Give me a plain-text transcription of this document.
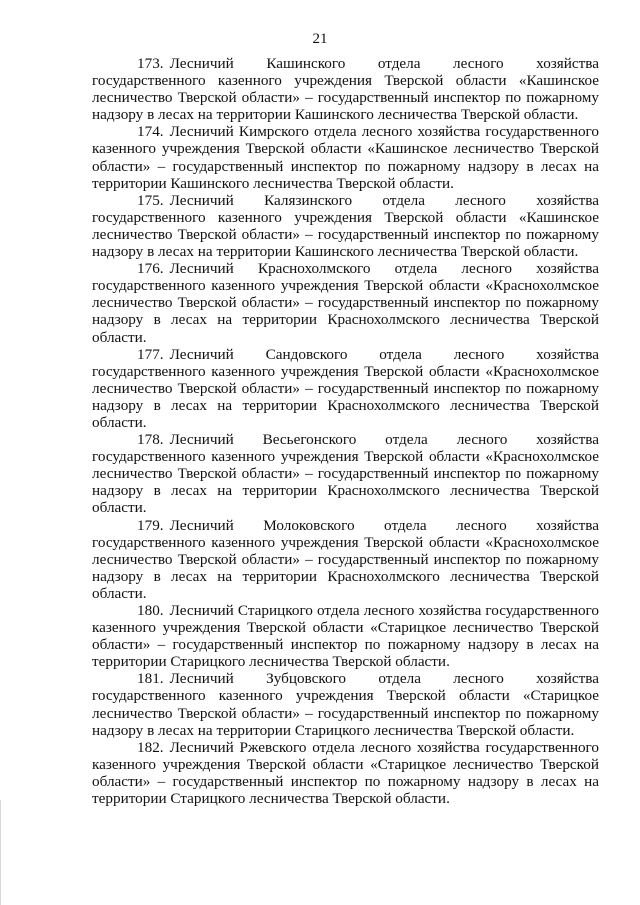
21

173. Лесничий Кашинского отдела лесного хозяйства государственного казенного учреждения Тверской области «Кашинское лесничество Тверской области» – государственный инспектор по пожарному надзору в лесах на территории Кашинского лесничества Тверской области.

174. Лесничий Кимрского отдела лесного хозяйства государственного казенного учреждения Тверской области «Кашинское лесничество Тверской области» – государственный инспектор по пожарному надзору в лесах на территории Кашинского лесничества Тверской области.

175. Лесничий Калязинского отдела лесного хозяйства государственного казенного учреждения Тверской области «Кашинское лесничество Тверской области» – государственный инспектор по пожарному надзору в лесах на территории Кашинского лесничества Тверской области.

176. Лесничий Краснохолмского отдела лесного хозяйства государственного казенного учреждения Тверской области «Краснохолмское лесничество Тверской области» – государственный инспектор по пожарному надзору в лесах на территории Краснохолмского лесничества Тверской области.

177. Лесничий Сандовского отдела лесного хозяйства государственного казенного учреждения Тверской области «Краснохолмское лесничество Тверской области» – государственный инспектор по пожарному надзору в лесах на территории Краснохолмского лесничества Тверской области.

178. Лесничий Весьегонского отдела лесного хозяйства государственного казенного учреждения Тверской области «Краснохолмское лесничество Тверской области» – государственный инспектор по пожарному надзору в лесах на территории Краснохолмского лесничества Тверской области.

179. Лесничий Молоковского отдела лесного хозяйства государственного казенного учреждения Тверской области «Краснохолмское лесничество Тверской области» – государственный инспектор по пожарному надзору в лесах на территории Краснохолмского лесничества Тверской области.

180. Лесничий Старицкого отдела лесного хозяйства государственного казенного учреждения Тверской области «Старицкое лесничество Тверской области» – государственный инспектор по пожарному надзору в лесах на территории Старицкого лесничества Тверской области.

181. Лесничий Зубцовского отдела лесного хозяйства государственного казенного учреждения Тверской области «Старицкое лесничество Тверской области» – государственный инспектор по пожарному надзору в лесах на территории Старицкого лесничества Тверской области.

182. Лесничий Ржевского отдела лесного хозяйства государственного казенного учреждения Тверской области «Старицкое лесничество Тверской области» – государственный инспектор по пожарному надзору в лесах на территории Старицкого лесничества Тверской области.
